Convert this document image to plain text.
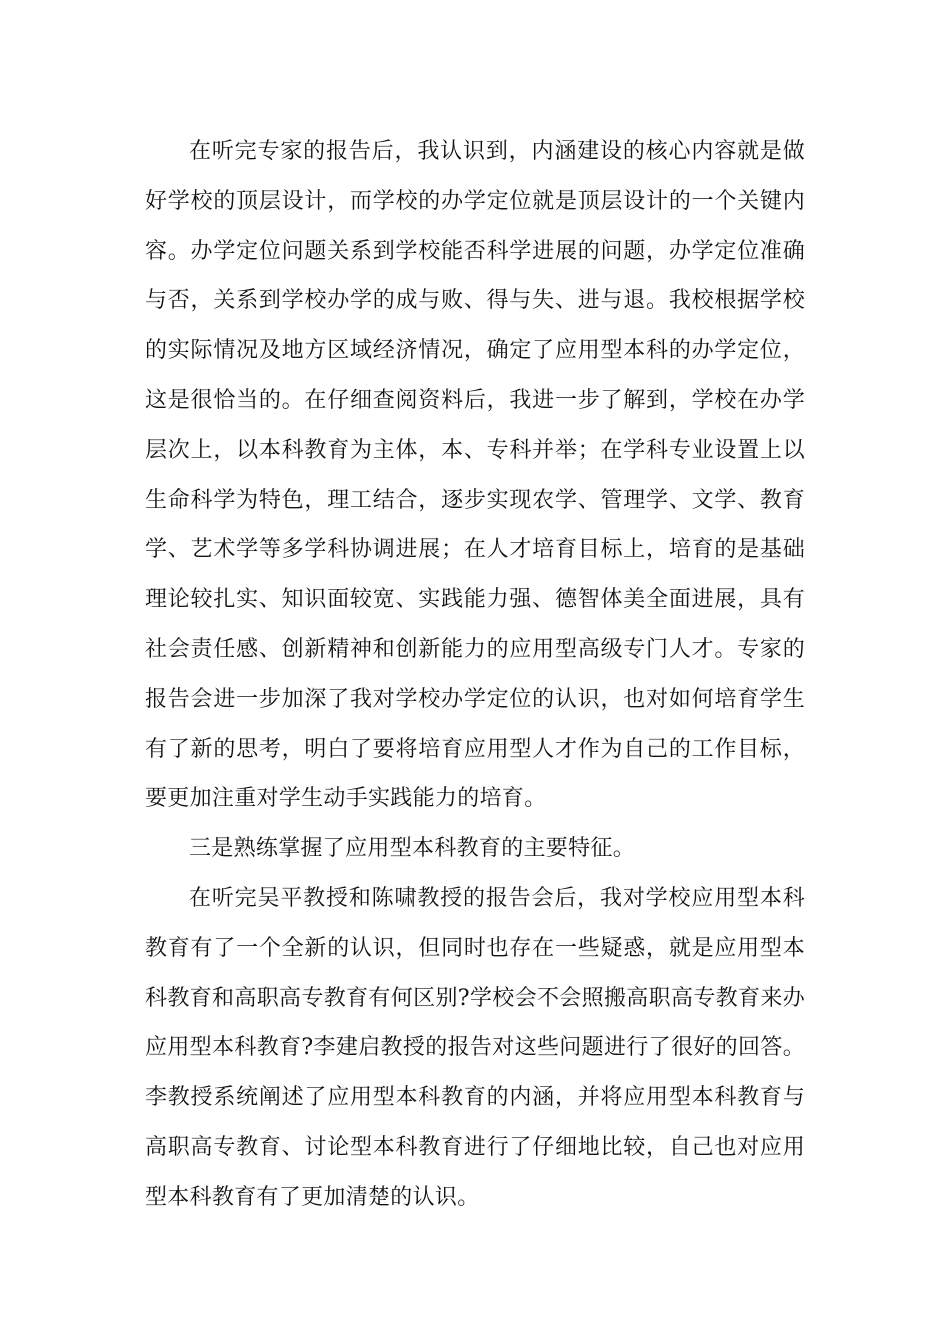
在听完专家的报告后，我认识到，内涵建设的核心内容就是做好学校的顶层设计，而学校的办学定位就是顶层设计的一个关键内容。办学定位问题关系到学校能否科学进展的问题，办学定位准确与否，关系到学校办学的成与败、得与失、进与退。我校根据学校的实际情况及地方区域经济情况，确定了应用型本科的办学定位，这是很恰当的。在仔细查阅资料后，我进一步了解到，学校在办学层次上，以本科教育为主体，本、专科并举；在学科专业设置上以生命科学为特色，理工结合，逐步实现农学、管理学、文学、教育学、艺术学等多学科协调进展；在人才培育目标上，培育的是基础理论较扎实、知识面较宽、实践能力强、德智体美全面进展，具有社会责任感、创新精神和创新能力的应用型高级专门人才。专家的报告会进一步加深了我对学校办学定位的认识，也对如何培育学生有了新的思考，明白了要将培育应用型人才作为自己的工作目标，要更加注重对学生动手实践能力的培育。

三是熟练掌握了应用型本科教育的主要特征。

在听完吴平教授和陈啸教授的报告会后，我对学校应用型本科教育有了一个全新的认识，但同时也存在一些疑惑，就是应用型本科教育和高职高专教育有何区别?学校会不会照搬高职高专教育来办应用型本科教育?李建启教授的报告对这些问题进行了很好的回答。李教授系统阐述了应用型本科教育的内涵，并将应用型本科教育与高职高专教育、讨论型本科教育进行了仔细地比较，自己也对应用型本科教育有了更加清楚的认识。
